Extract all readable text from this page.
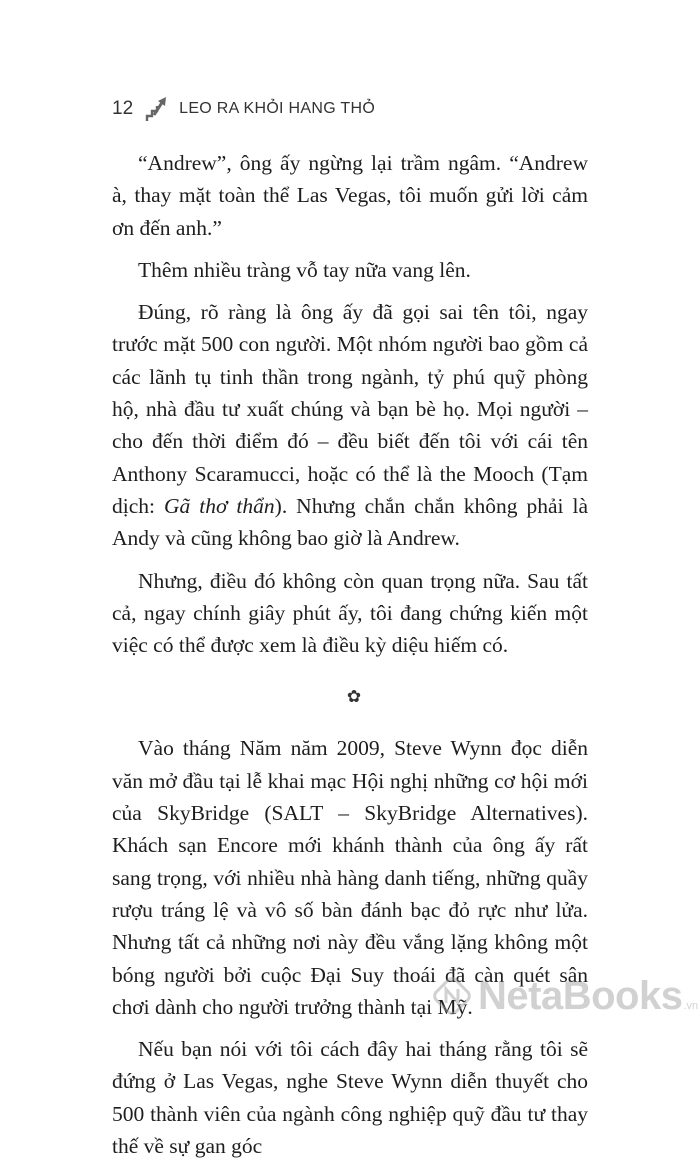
12	LEO RA KHỎI HANG THỎ

“Andrew”, ông ấy ngừng lại trầm ngâm. “Andrew à, thay mặt toàn thể Las Vegas, tôi muốn gửi lời cảm ơn đến anh.”

Thêm nhiều tràng vỗ tay nữa vang lên.

Đúng, rõ ràng là ông ấy đã gọi sai tên tôi, ngay trước mặt 500 con người. Một nhóm người bao gồm cả các lãnh tụ tinh thần trong ngành, tỷ phú quỹ phòng hộ, nhà đầu tư xuất chúng và bạn bè họ. Mọi người – cho đến thời điểm đó – đều biết đến tôi với cái tên Anthony Scaramucci, hoặc có thể là the Mooch (Tạm dịch: Gã thơ thẩn). Nhưng chắn chắn không phải là Andy và cũng không bao giờ là Andrew.

Nhưng, điều đó không còn quan trọng nữa. Sau tất cả, ngay chính giây phút ấy, tôi đang chứng kiến một việc có thể được xem là điều kỳ diệu hiếm có.

✿

Vào tháng Năm năm 2009, Steve Wynn đọc diễn văn mở đầu tại lễ khai mạc Hội nghị những cơ hội mới của SkyBridge (SALT – SkyBridge Alternatives). Khách sạn Encore mới khánh thành của ông ấy rất sang trọng, với nhiều nhà hàng danh tiếng, những quầy rượu tráng lệ và vô số bàn đánh bạc đỏ rực như lửa. Nhưng tất cả những nơi này đều vắng lặng không một bóng người bởi cuộc Đại Suy thoái đã càn quét sân chơi dành cho người trưởng thành tại Mỹ.

Nếu bạn nói với tôi cách đây hai tháng rằng tôi sẽ đứng ở Las Vegas, nghe Steve Wynn diễn thuyết cho 500 thành viên của ngành công nghiệp quỹ đầu tư thay thế về sự gan góc

NetaBooks .vn
